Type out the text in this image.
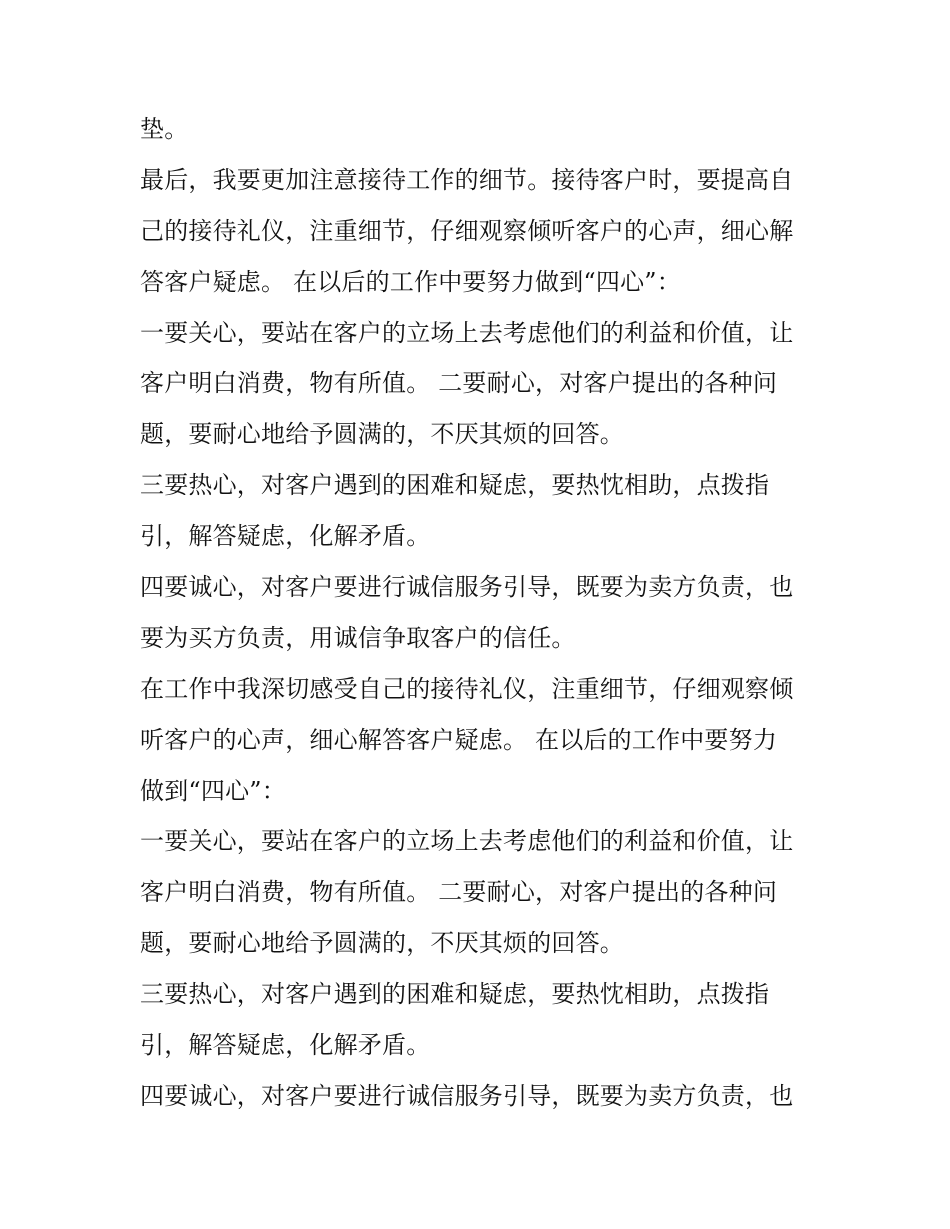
垫。
最后，我要更加注意接待工作的细节。接待客户时，要提高自
己的接待礼仪，注重细节，仔细观察倾听客户的心声，细心解
答客户疑虑。 在以后的工作中要努力做到“四心”：
一要关心，要站在客户的立场上去考虑他们的利益和价值，让
客户明白消费，物有所值。 二要耐心，对客户提出的各种问
题，要耐心地给予圆满的，不厌其烦的回答。
三要热心，对客户遇到的困难和疑虑，要热忱相助，点拨指
引，解答疑虑，化解矛盾。
四要诚心，对客户要进行诚信服务引导，既要为卖方负责，也
要为买方负责，用诚信争取客户的信任。
在工作中我深切感受自己的接待礼仪，注重细节，仔细观察倾
听客户的心声，细心解答客户疑虑。 在以后的工作中要努力
做到“四心”：
一要关心，要站在客户的立场上去考虑他们的利益和价值，让
客户明白消费，物有所值。 二要耐心，对客户提出的各种问
题，要耐心地给予圆满的，不厌其烦的回答。
三要热心，对客户遇到的困难和疑虑，要热忱相助，点拨指
引，解答疑虑，化解矛盾。
四要诚心，对客户要进行诚信服务引导，既要为卖方负责，也
